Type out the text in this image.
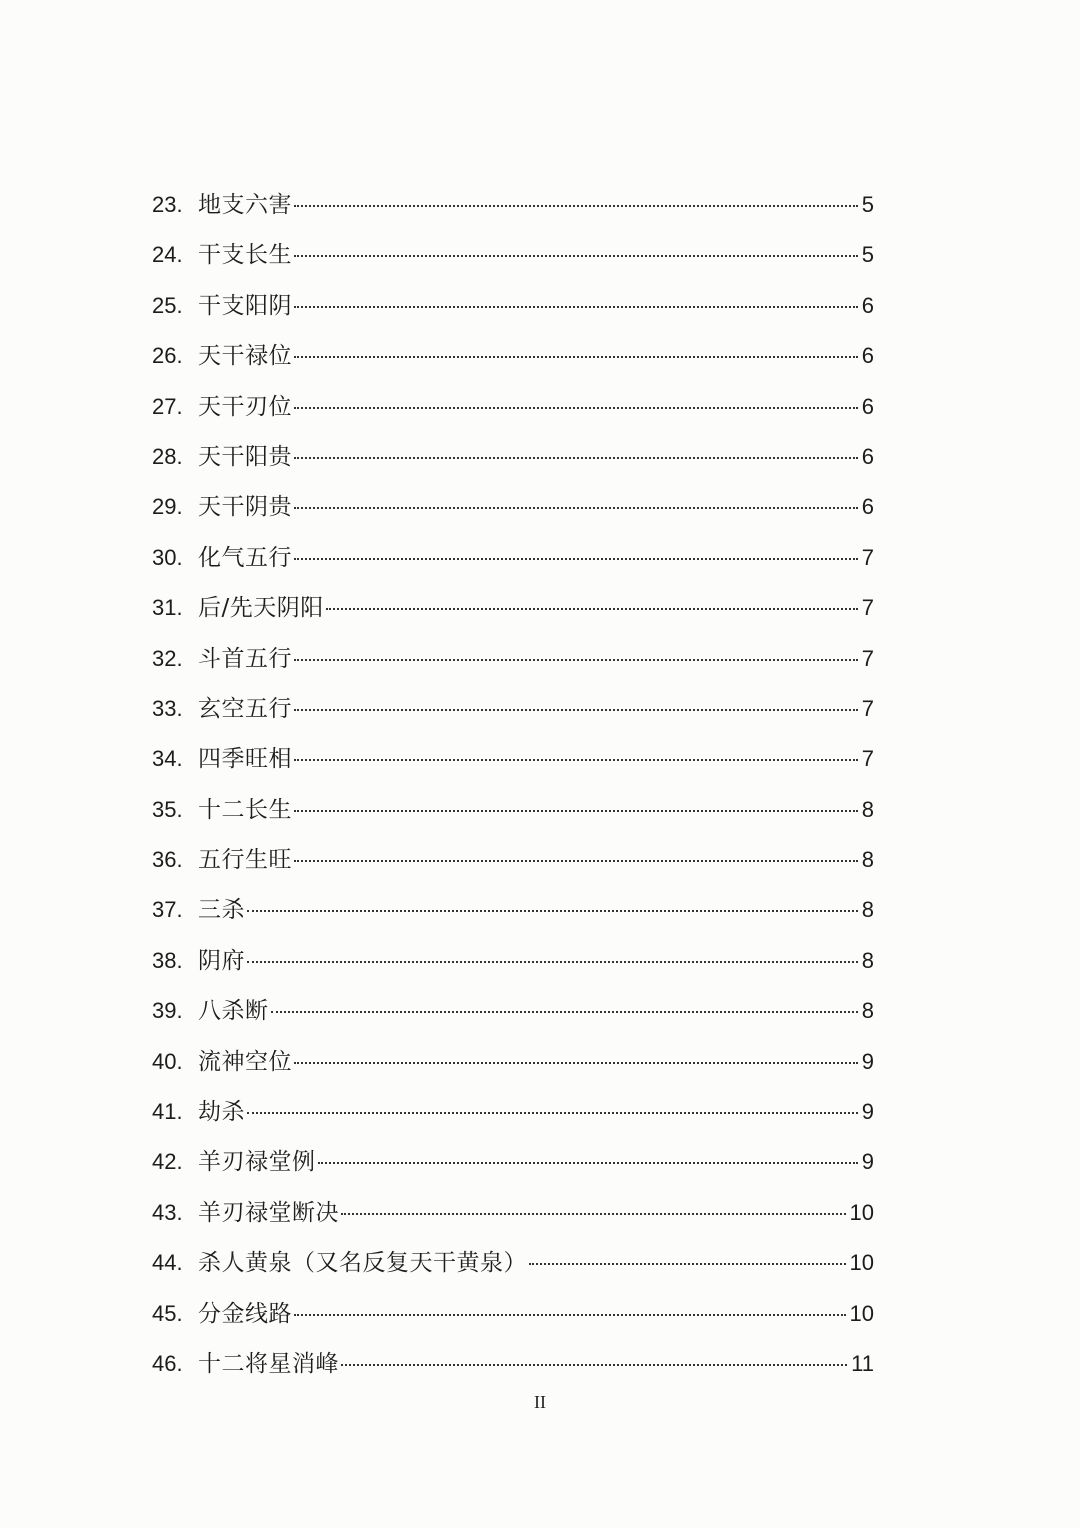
23. 地支六害	5
24. 干支长生	5
25. 干支阳阴	6
26. 天干禄位	6
27. 天干刃位	6
28. 天干阳贵	6
29. 天干阴贵	6
30. 化气五行	7
31. 后/先天阴阳	7
32. 斗首五行	7
33. 玄空五行	7
34. 四季旺相	7
35. 十二长生	8
36. 五行生旺	8
37. 三杀	8
38. 阴府	8
39. 八杀断	8
40. 流神空位	9
41. 劫杀	9
42. 羊刃禄堂例	9
43. 羊刃禄堂断决	10
44. 杀人黄泉（又名反复天干黄泉）	10
45. 分金线路	10
46. 十二将星消峰	11
II
